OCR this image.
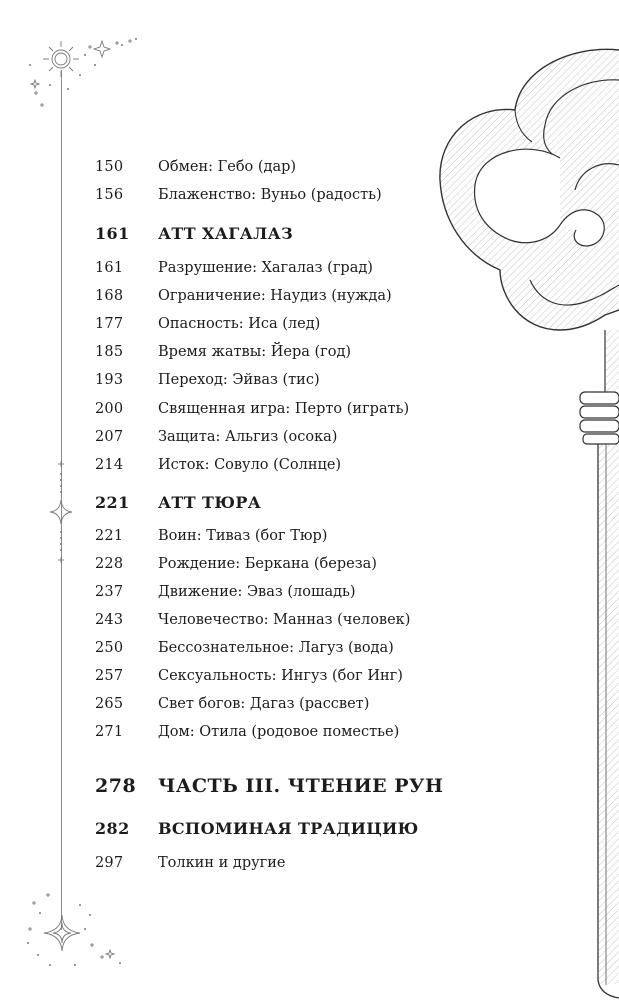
150 Обмен: Гебо (дар)
156 Блаженство: Вуньо (радость)
161 АТТ ХАГАЛАЗ
161 Разрушение: Хагалаз (град)
168 Ограничение: Наудиз (нужда)
177 Опасность: Иса (лед)
185 Время жатвы: Йера (год)
193 Переход: Эйваз (тис)
200 Священная игра: Перто (играть)
207 Защита: Альгиз (осока)
214 Исток: Совуло (Солнце)
221 АТТ ТЮРА
221 Воин: Тиваз (бог Тюр)
228 Рождение: Беркана (береза)
237 Движение: Эваз (лошадь)
243 Человечество: Манназ (человек)
250 Бессознательное: Лагуз (вода)
257 Сексуальность: Ингуз (бог Инг)
265 Свет богов: Дагаз (рассвет)
271 Дом: Отила (родовое поместье)
278 ЧАСТЬ III. ЧТЕНИЕ РУН
282 ВСПОМИНАЯ ТРАДИЦИЮ
297 Толкин и другие
